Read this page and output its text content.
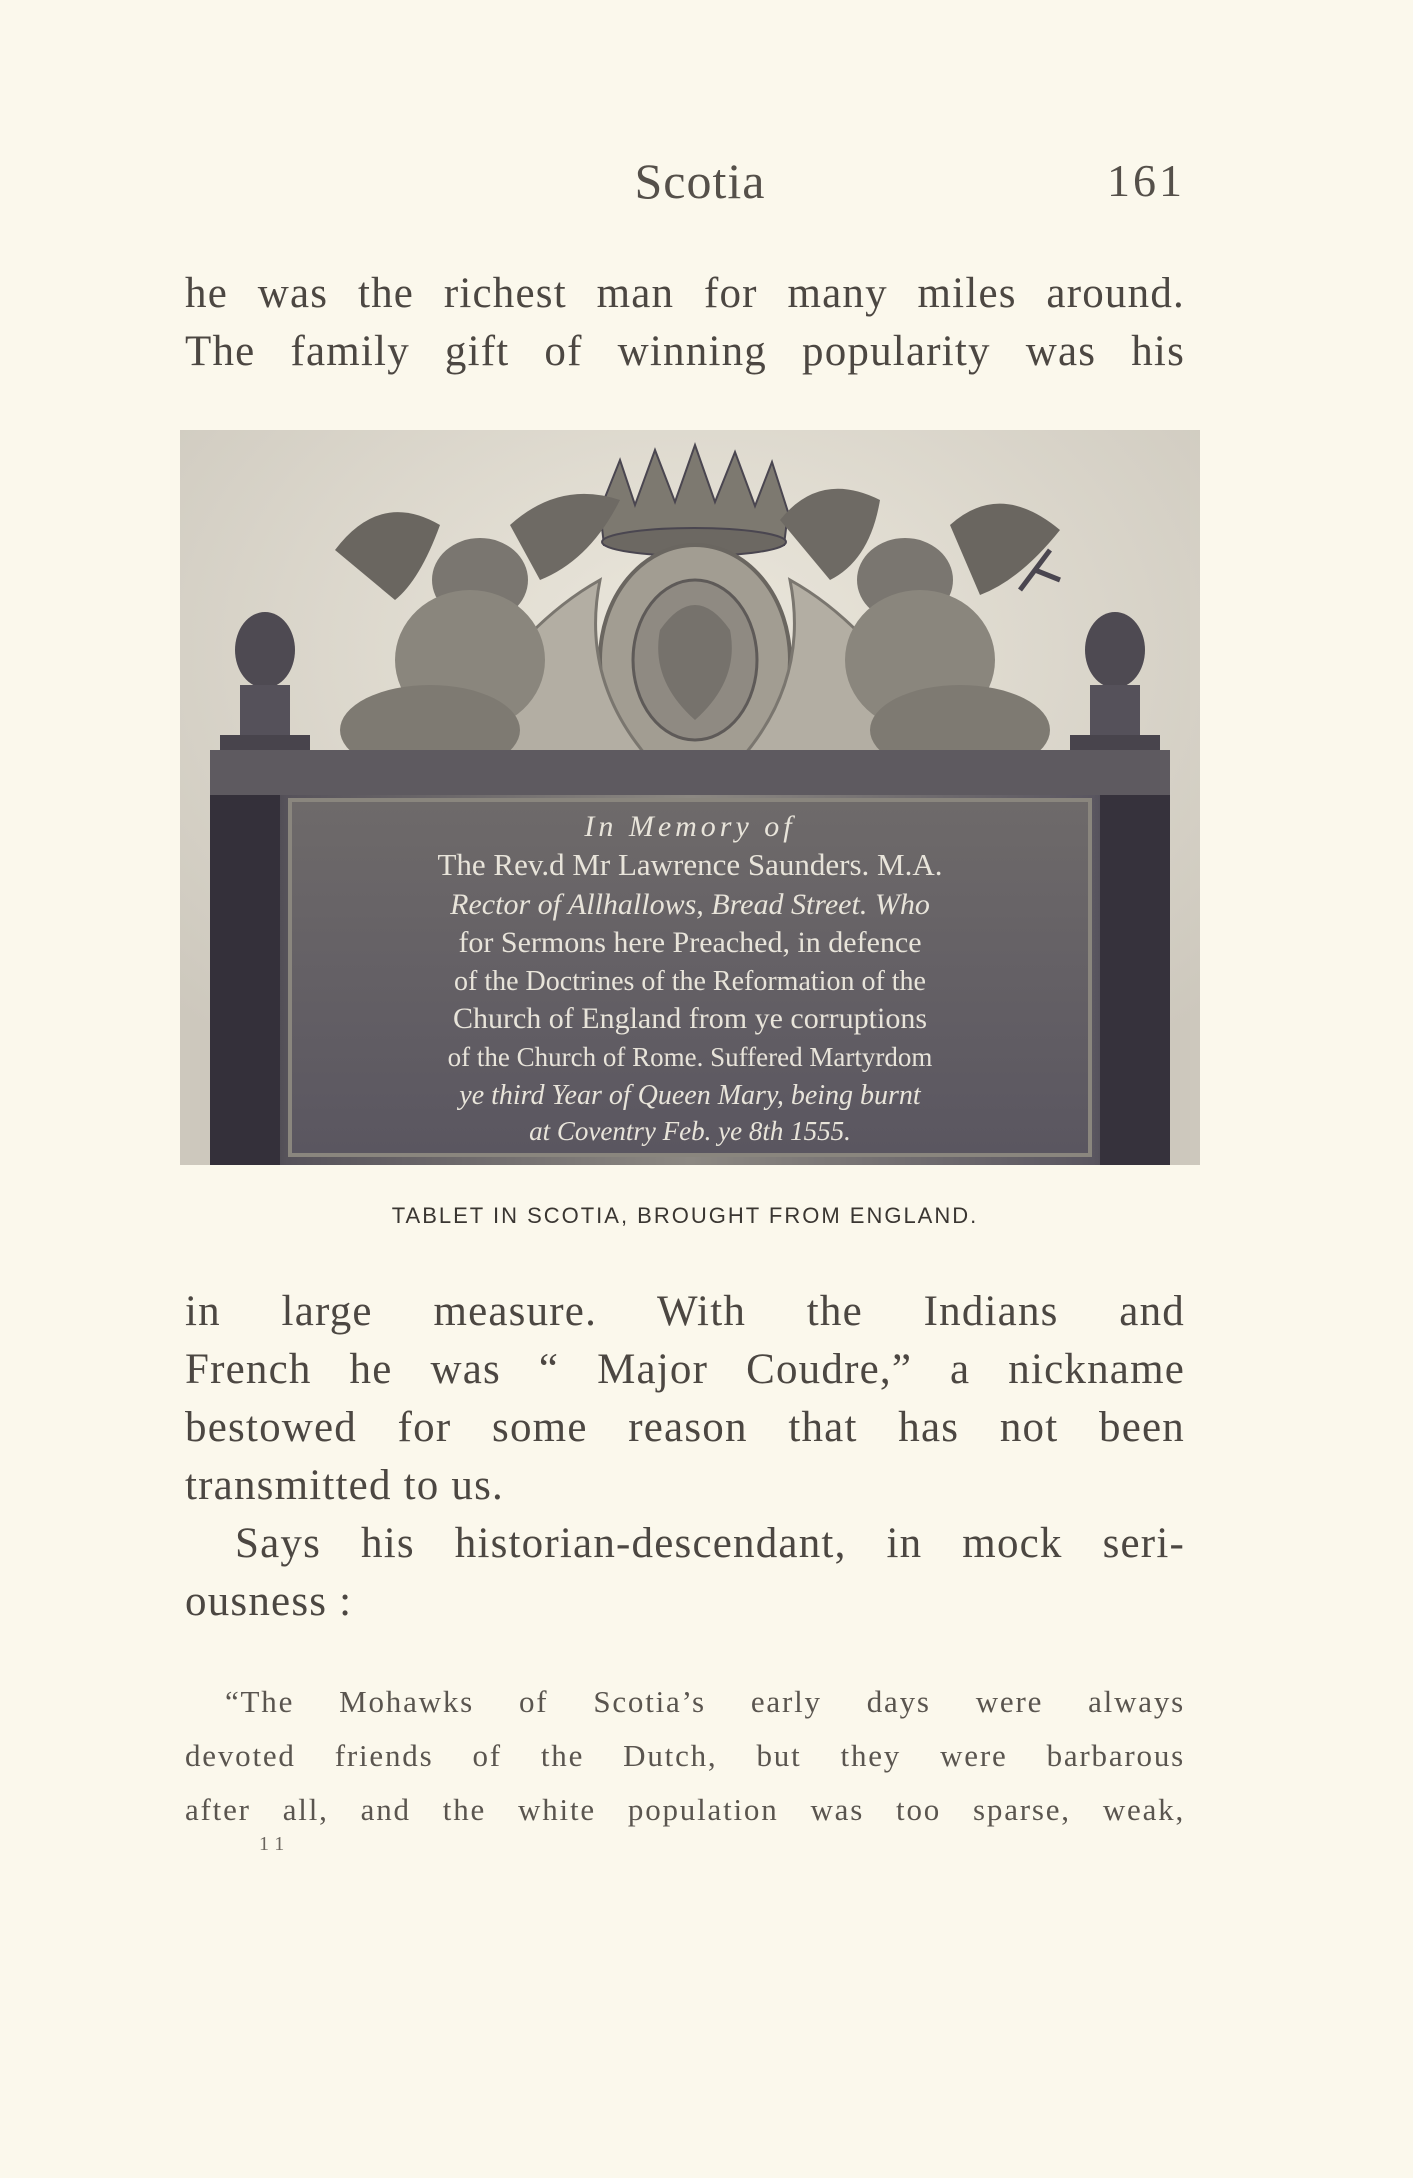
Scotia	161
he was the richest man for many miles around.
The family gift of winning popularity was his
In Memory of
The Rev.d Mr Lawrence Saunders. M.A.
Rector of Allhallows, Bread Street. Who
for Sermons here Preached, in defence
of the Doctrines of the Reformation of the
Church of England from ye corruptions
of the Church of Rome. Suffered Martyrdom
ye third Year of Queen Mary, being burnt
at Coventry Feb. ye 8th 1555.
TABLET IN SCOTIA, BROUGHT FROM ENGLAND.
in large measure. With the Indians and
French he was “ Major Coudre,” a nickname
bestowed for some reason that has not been
transmitted to us.
Says his historian-descendant, in mock seri-
ousness :
“The Mohawks of Scotia’s early days were always
devoted friends of the Dutch, but they were barbarous
after all, and the white population was too sparse, weak,
11
